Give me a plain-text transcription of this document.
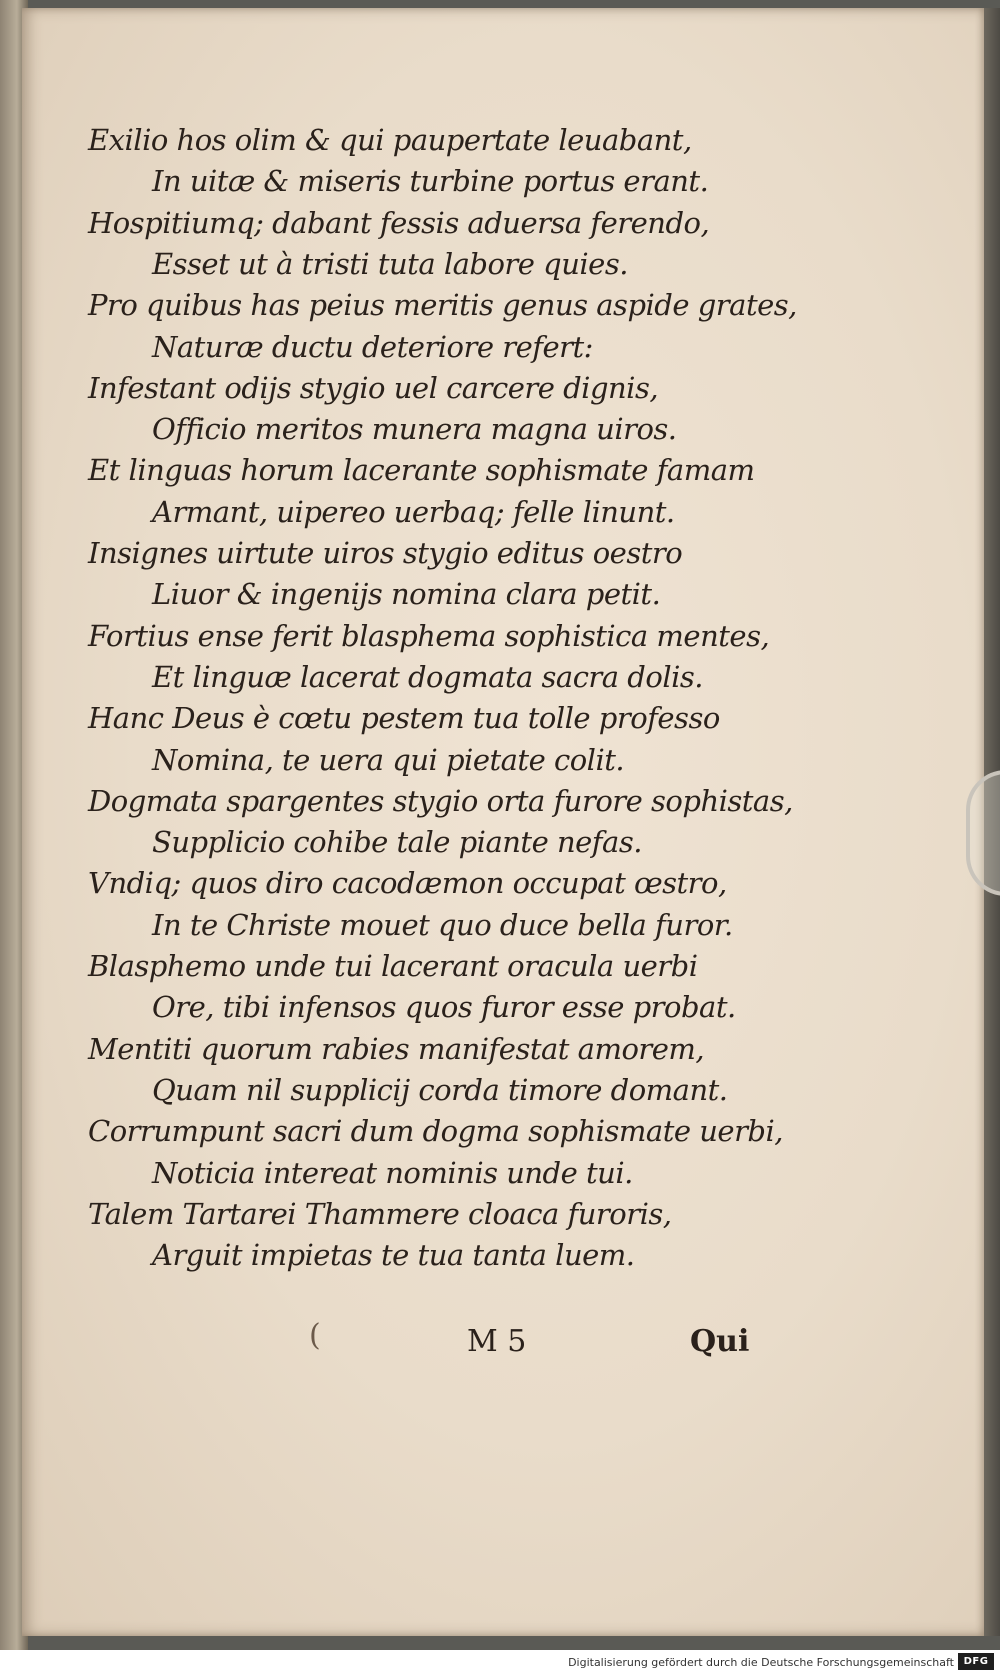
Exilio hos olim & qui paupertate leuabant,
In uitæ & miseris turbine portus erant.
Hospitiumq; dabant fessis aduersa ferendo,
Esset ut à tristi tuta labore quies.
Pro quibus has peius meritis genus aspide grates,
Naturæ ductu deteriore refert:
Infestant odijs stygio uel carcere dignis,
Officio meritos munera magna uiros.
Et linguas horum lacerante sophismate famam
Armant, uipereo uerbaq; felle linunt.
Insignes uirtute uiros stygio editus oestro
Liuor & ingenijs nomina clara petit.
Fortius ense ferit blasphema sophistica mentes,
Et linguæ lacerat dogmata sacra dolis.
Hanc Deus è cœtu pestem tua tolle professo
Nomina, te uera qui pietate colit.
Dogmata spargentes stygio orta furore sophistas,
Supplicio cohibe tale piante nefas.
Vndiq; quos diro cacodæmon occupat œstro,
In te Christe mouet quo duce bella furor.
Blasphemo unde tui lacerant oracula uerbi
Ore, tibi infensos quos furor esse probat.
Mentiti quorum rabies manifestat amorem,
Quam nil supplicij corda timore domant.
Corrumpunt sacri dum dogma sophismate uerbi,
Noticia intereat nominis unde tui.
Talem Tartarei Thammere cloaca furoris,
Arguit impietas te tua tanta luem.
(	M 5	Qui
Digitalisierung gefördert durch die Deutsche Forschungsgemeinschaft DFG
